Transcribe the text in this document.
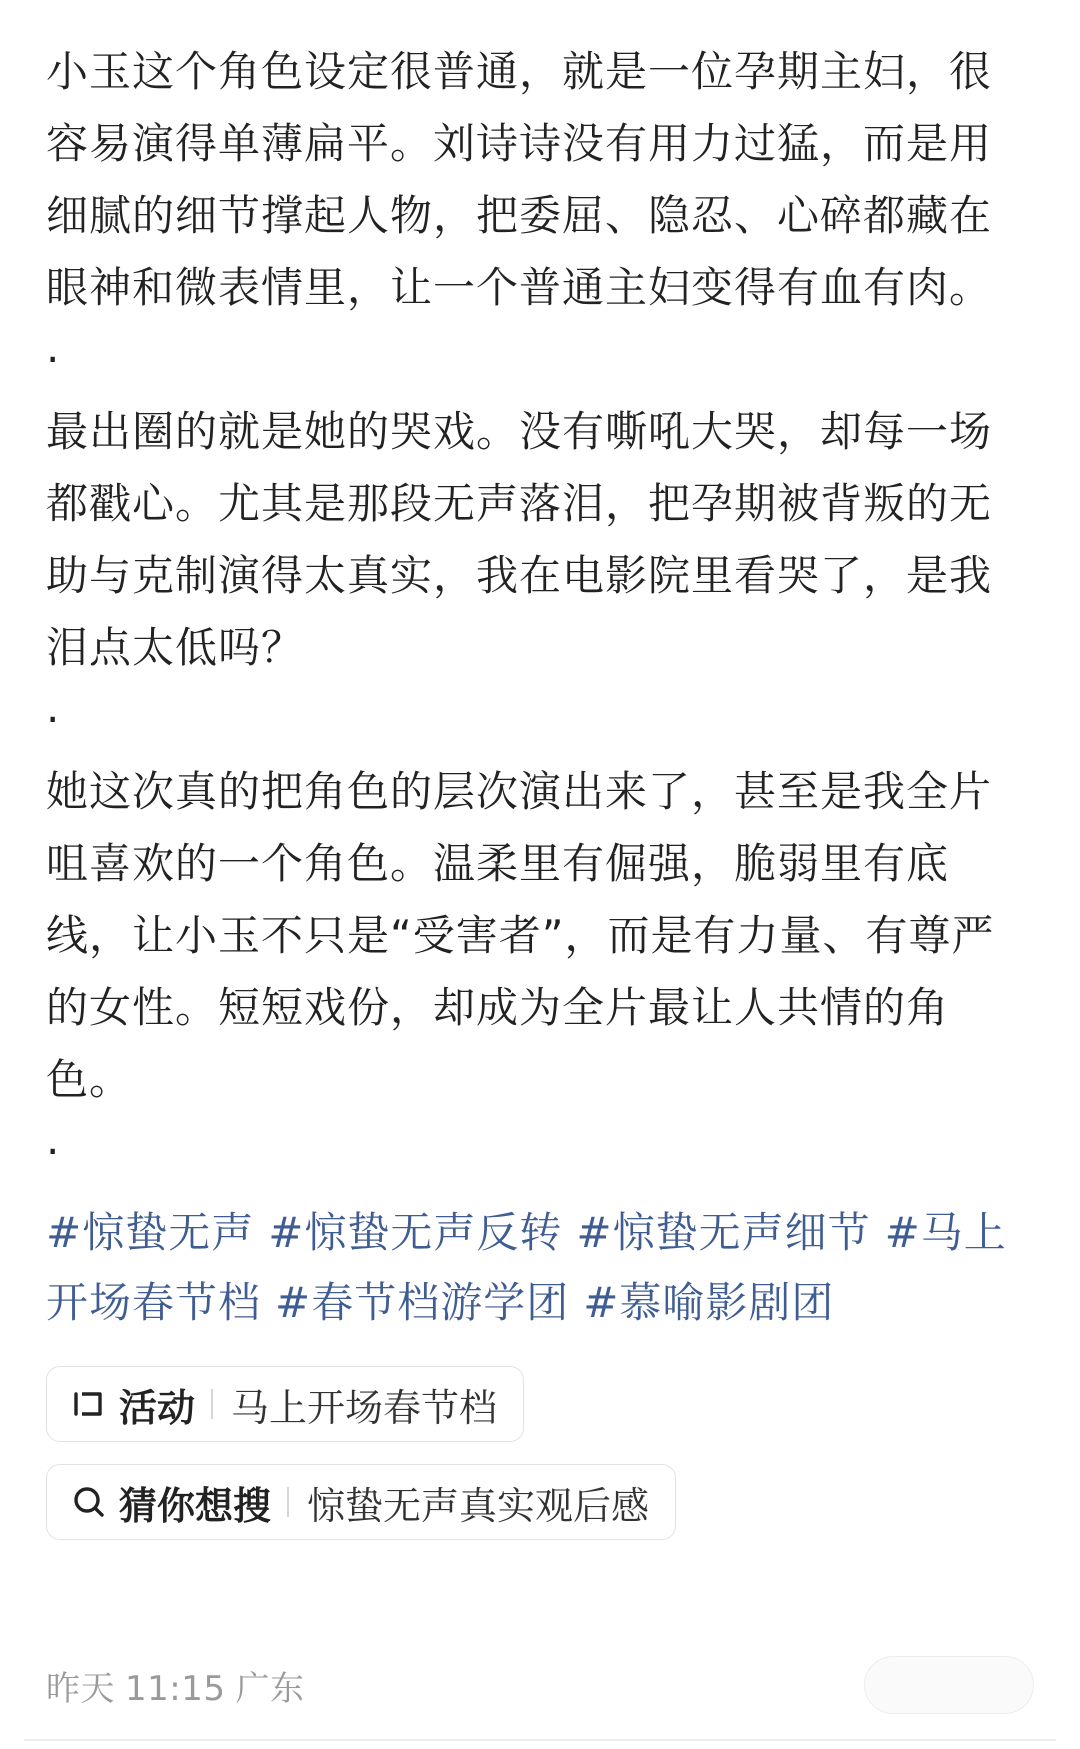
小玉这个角色设定很普通，就是一位孕期主妇，很容易演得单薄扁平。刘诗诗没有用力过猛，而是用细腻的细节撑起人物，把委屈、隐忍、心碎都藏在眼神和微表情里，让一个普通主妇变得有血有肉。
·
最出圈的就是她的哭戏。没有嘶吼大哭，却每一场都戳心。尤其是那段无声落泪，把孕期被背叛的无助与克制演得太真实，我在电影院里看哭了，是我泪点太低吗？
·
她这次真的把角色的层次演出来了，甚至是我全片咀喜欢的一个角色。温柔里有倔强，脆弱里有底线，让小玉不只是“受害者”，而是有力量、有尊严的女性。短短戏份，却成为全片最让人共情的角色。
·
#惊蛰无声 #惊蛰无声反转 #惊蛰无声细节 #马上开场春节档 #春节档游学团 #慕喻影剧团
活动 马上开场春节档
猜你想搜 惊蛰无声真实观后感
昨天 11:15 广东
